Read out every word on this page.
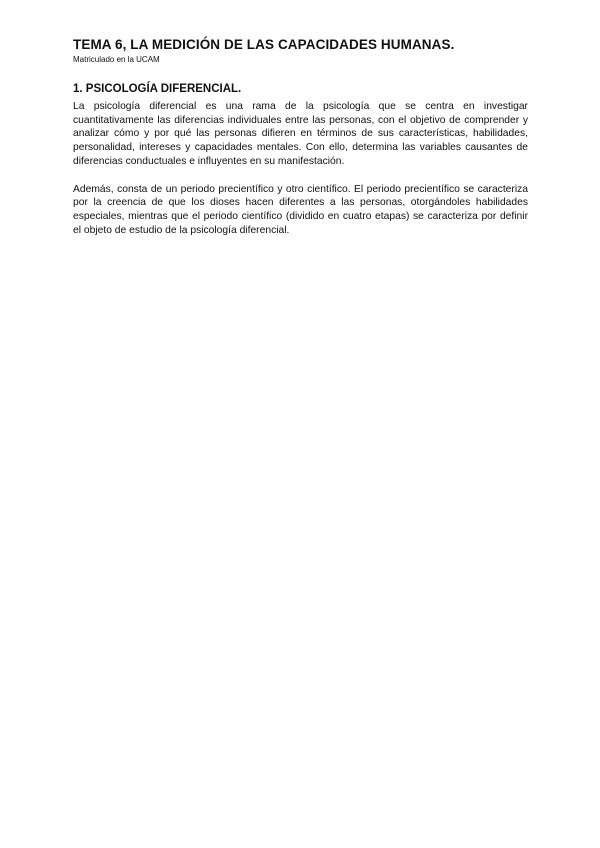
TEMA 6, LA MEDICIÓN DE LAS CAPACIDADES HUMANAS.

Matriculado en la UCAM

1. PSICOLOGÍA DIFERENCIAL.

La psicología diferencial es una rama de la psicología que se centra en investigar cuantitativamente las diferencias individuales entre las personas, con el objetivo de comprender y analizar cómo y por qué las personas difieren en términos de sus características, habilidades, personalidad, intereses y capacidades mentales. Con ello, determina las variables causantes de diferencias conductuales e influyentes en su manifestación.

Además, consta de un periodo precientífico y otro científico. El periodo precientífico se caracteriza por la creencia de que los dioses hacen diferentes a las personas, otorgándoles habilidades especiales, mientras que el periodo científico (dividido en cuatro etapas) se caracteriza por definir el objeto de estudio de la psicología diferencial.
